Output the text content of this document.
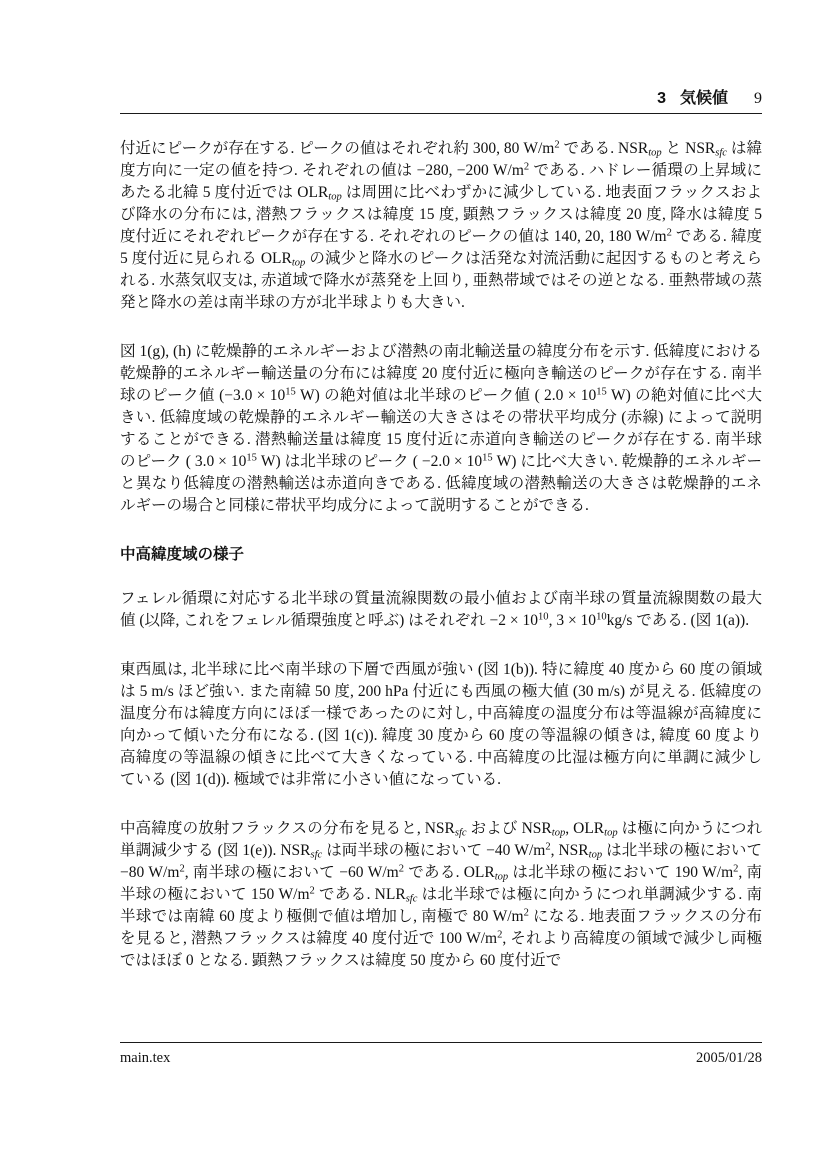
3 気候値 9

付近にピークが存在する. ピークの値はそれぞれ約 300, 80 $W/m^2$ である. $NSR_{top}$ と $NSR_{sfc}$ は緯度方向に一定の値を持つ. それぞれの値は −280, −200 $W/m^2$ である. ハドレー循環の上昇域にあたる北緯 5 度付近では $OLR_{top}$ は周囲に比べわずかに減少している. 地表面フラックスおよび降水の分布には, 潜熱フラックスは緯度 15 度, 顕熱フラックスは緯度 20 度, 降水は緯度 5 度付近にそれぞれピークが存在する. それぞれのピークの値は 140, 20, 180 $W/m^2$ である. 緯度 5 度付近に見られる $OLR_{top}$ の減少と降水のピークは活発な対流活動に起因するものと考えられる. 水蒸気収支は, 赤道域で降水が蒸発を上回り, 亜熱帯域ではその逆となる. 亜熱帯域の蒸発と降水の差は南半球の方が北半球よりも大きい.

図 1(g), (h) に乾燥静的エネルギーおよび潜熱の南北輸送量の緯度分布を示す. 低緯度における乾燥静的エネルギー輸送量の分布には緯度 20 度付近に極向き輸送のピークが存在する. 南半球のピーク値 ($-3.0 \times 10^{15}$ W) の絶対値は北半球のピーク値 ( $2.0 \times 10^{15}$ W) の絶対値に比べ大きい. 低緯度域の乾燥静的エネルギー輸送の大きさはその帯状平均成分 (赤線) によって説明することができる. 潜熱輸送量は緯度 15 度付近に赤道向き輸送のピークが存在する. 南半球のピーク ( $3.0 \times 10^{15}$ W) は北半球のピーク ( $-2.0 \times 10^{15}$ W) に比べ大きい. 乾燥静的エネルギーと異なり低緯度の潜熱輸送は赤道向きである. 低緯度域の潜熱輸送の大きさは乾燥静的エネルギーの場合と同様に帯状平均成分によって説明することができる.

中高緯度域の様子

フェレル循環に対応する北半球の質量流線関数の最小値および南半球の質量流線関数の最大値 (以降, これをフェレル循環強度と呼ぶ) はそれぞれ $-2 \times 10^{10}$, $3 \times 10^{10}kg/s$ である. (図 1(a)).

東西風は, 北半球に比べ南半球の下層で西風が強い (図 1(b)). 特に緯度 40 度から 60 度の領域は 5 m/s ほど強い. また南緯 50 度, 200 hPa 付近にも西風の極大値 (30 m/s) が見える. 低緯度の温度分布は緯度方向にほぼ一様であったのに対し, 中高緯度の温度分布は等温線が高緯度に向かって傾いた分布になる. (図 1(c)). 緯度 30 度から 60 度の等温線の傾きは, 緯度 60 度より高緯度の等温線の傾きに比べて大きくなっている. 中高緯度の比湿は極方向に単調に減少している (図 1(d)). 極域では非常に小さい値になっている.

中高緯度の放射フラックスの分布を見ると, $NSR_{sfc}$ および $NSR_{top}$, $OLR_{top}$ は極に向かうにつれ単調減少する (図 1(e)). $NSR_{sfc}$ は両半球の極において −40 $W/m^2$, $NSR_{top}$ は北半球の極において −80 $W/m^2$, 南半球の極において −60 $W/m^2$ である. $OLR_{top}$ は北半球の極において 190 $W/m^2$, 南半球の極において 150 $W/m^2$ である. $NLR_{sfc}$ は北半球では極に向かうにつれ単調減少する. 南半球では南緯 60 度より極側で値は増加し, 南極で 80 $W/m^2$ になる. 地表面フラックスの分布を見ると, 潜熱フラックスは緯度 40 度付近で 100 $W/m^2$, それより高緯度の領域で減少し両極ではほぼ 0 となる. 顕熱フラックスは緯度 50 度から 60 度付近で

main.tex	2005/01/28
